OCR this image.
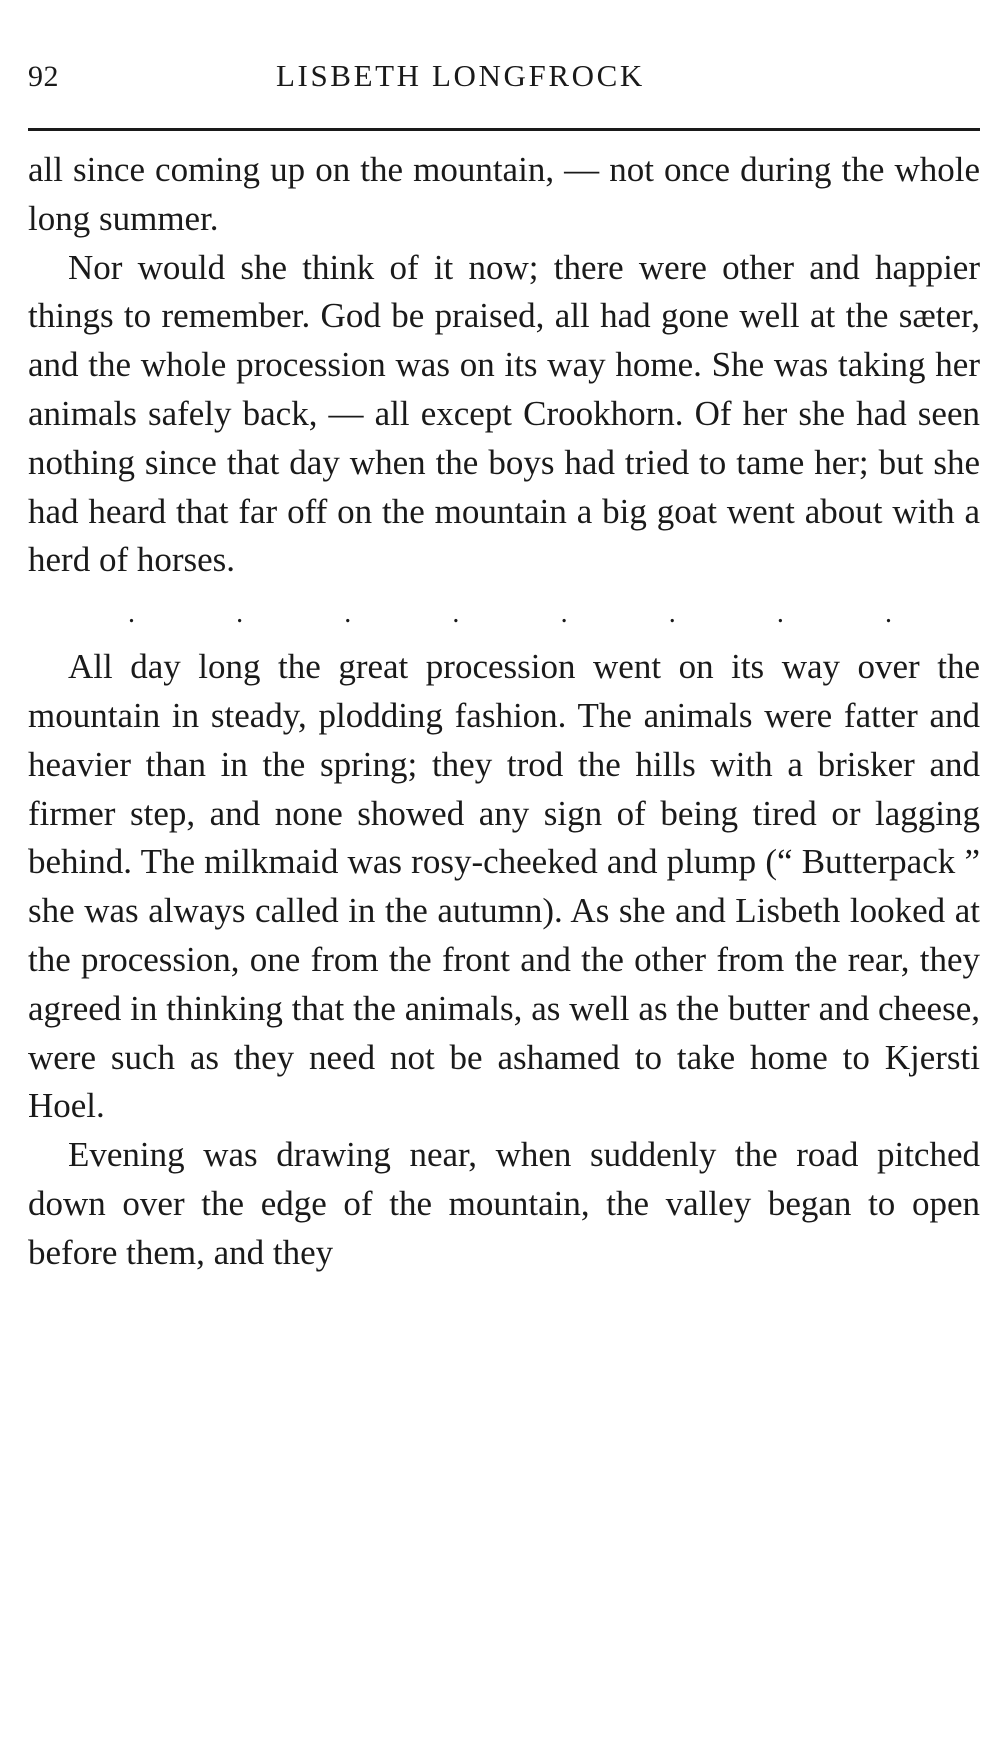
92	LISBETH LONGFROCK

all since coming up on the mountain, — not once during the whole long summer.

Nor would she think of it now; there were other and happier things to remember. God be praised, all had gone well at the sæter, and the whole procession was on its way home. She was taking her animals safely back, — all except Crookhorn. Of her she had seen nothing since that day when the boys had tried to tame her; but she had heard that far off on the mountain a big goat went about with a herd of horses.

.	.	.	.	.	.	.	.

All day long the great procession went on its way over the mountain in steady, plodding fashion. The animals were fatter and heavier than in the spring; they trod the hills with a brisker and firmer step, and none showed any sign of being tired or lagging behind. The milkmaid was rosy-cheeked and plump (“ Butterpack ” she was always called in the autumn). As she and Lisbeth looked at the procession, one from the front and the other from the rear, they agreed in thinking that the animals, as well as the butter and cheese, were such as they need not be ashamed to take home to Kjersti Hoel.

Evening was drawing near, when suddenly the road pitched down over the edge of the mountain, the valley began to open before them, and they
